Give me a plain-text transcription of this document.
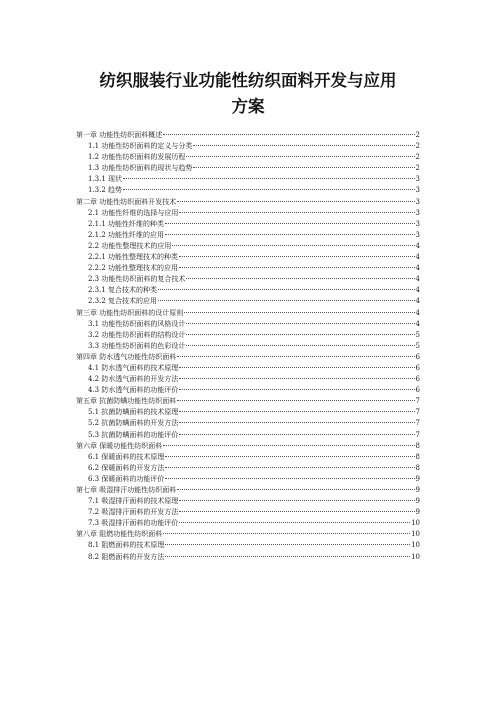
纺织服装行业功能性纺织面料开发与应用
方案
第一章 功能性纺织面料概述	2
1.1 功能性纺织面料的定义与分类	2
1.2 功能性纺织面料的发展历程	2
1.3 功能性纺织面料的现状与趋势	2
1.3.1 现状	3
1.3.2 趋势	3
第二章 功能性纺织面料开发技术	3
2.1 功能性纤维的选择与应用	3
2.1.1 功能性纤维的种类	3
2.1.2 功能性纤维的应用	3
2.2 功能性整理技术的应用	4
2.2.1 功能性整理技术的种类	4
2.2.2 功能性整理技术的应用	4
2.3 功能性纺织面料的复合技术	4
2.3.1 复合技术的种类	4
2.3.2 复合技术的应用	4
第三章 功能性纺织面料的设计原则	4
3.1 功能性纺织面料的风格设计	4
3.2 功能性纺织面料的结构设计	5
3.3 功能性纺织面料的色彩设计	5
第四章 防水透气功能性纺织面料	6
4.1 防水透气面料的技术原理	6
4.2 防水透气面料的开发方法	6
4.3 防水透气面料的功能评价	6
第五章 抗菌防螨功能性纺织面料	7
5.1 抗菌防螨面料的技术原理	7
5.2 抗菌防螨面料的开发方法	7
5.3 抗菌防螨面料的功能评价	7
第六章 保暖功能性纺织面料	8
6.1 保暖面料的技术原理	8
6.2 保暖面料的开发方法	8
6.3 保暖面料的功能评价	9
第七章 吸湿排汗功能性纺织面料	9
7.1 吸湿排汗面料的技术原理	9
7.2 吸湿排汗面料的开发方法	9
7.3 吸湿排汗面料的功能评价	10
第八章 阻燃功能性纺织面料	10
8.1 阻燃面料的技术原理	10
8.2 阻燃面料的开发方法	10
